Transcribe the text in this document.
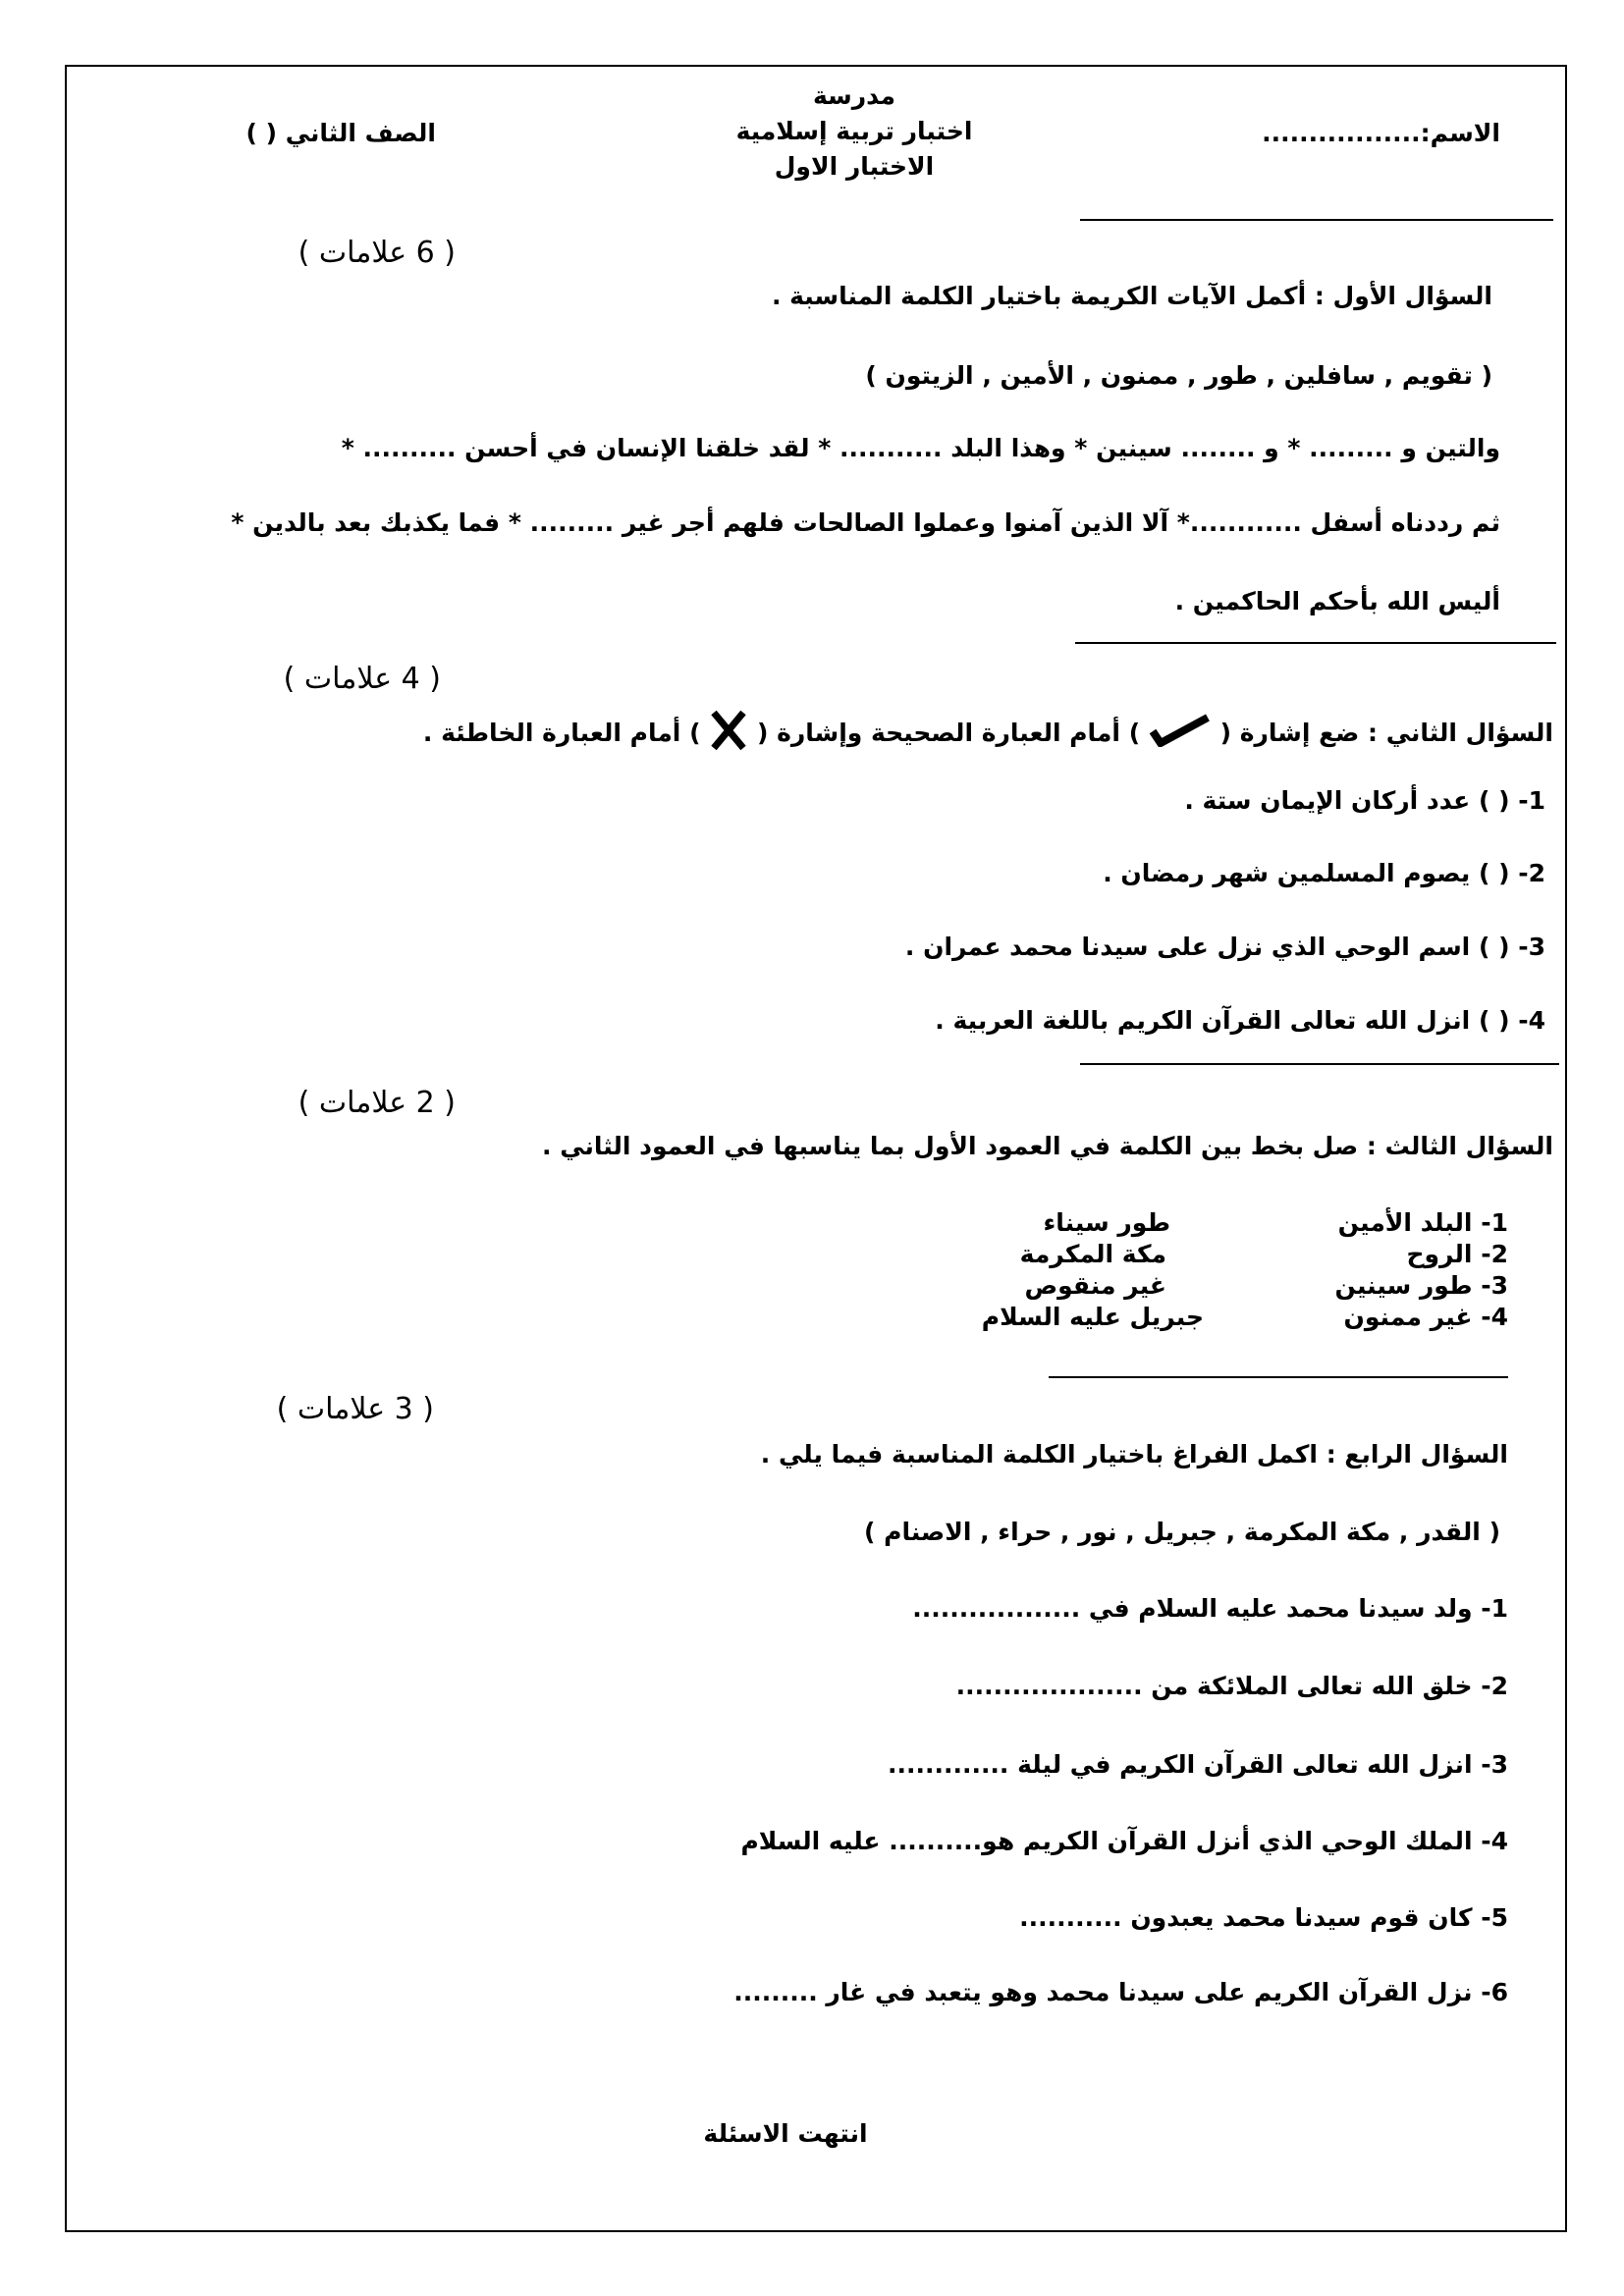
مدرسة
اختبار تربية إسلامية
الاختبار الاول
الاسم:.................
الصف الثاني ( )
( 6 علامات )
السؤال الأول : أكمل الآيات الكريمة باختيار الكلمة المناسبة .
( تقويم , سافلين , طور , ممنون , الأمين , الزيتون )
والتين و ......... * و ........ سينين * وهذا البلد ........... * لقد خلقنا الإنسان في أحسن .......... *
ثم رددناه أسفل ............* آلا الذين آمنوا وعملوا الصالحات فلهم أجر غير ......... * فما يكذبك بعد بالدين *
أليس الله بأحكم الحاكمين .
( 4 علامات )
السؤال الثاني : ضع إشارة (  ) أمام العبارة الصحيحة وإشارة (  ) أمام العبارة الخاطئة .
1- ( ) عدد أركان الإيمان ستة .
2- ( ) يصوم المسلمين شهر رمضان .
3- ( ) اسم الوحي الذي نزل على سيدنا محمد عمران .
4- ( ) انزل الله تعالى القرآن الكريم باللغة العربية .
( 2 علامات )
السؤال الثالث : صل بخط بين الكلمة في العمود الأول بما يناسبها في العمود الثاني .
1- البلد الأمين
2- الروح
3- طور سينين
4- غير ممنون
طور سيناء
مكة المكرمة
غير منقوص
جبريل عليه السلام
( 3 علامات )
السؤال الرابع : اكمل الفراغ باختيار الكلمة المناسبة فيما يلي .
( القدر , مكة المكرمة , جبريل , نور , حراء , الاصنام )
1- ولد سيدنا محمد عليه السلام في ..................
2- خلق الله تعالى الملائكة من ....................
3- انزل الله تعالى القرآن الكريم في ليلة .............
4- الملك الوحي الذي أنزل القرآن الكريم هو.......... عليه السلام
5- كان قوم سيدنا محمد يعبدون ...........
6- نزل القرآن الكريم على سيدنا محمد وهو يتعبد في غار .........
انتهت الاسئلة
